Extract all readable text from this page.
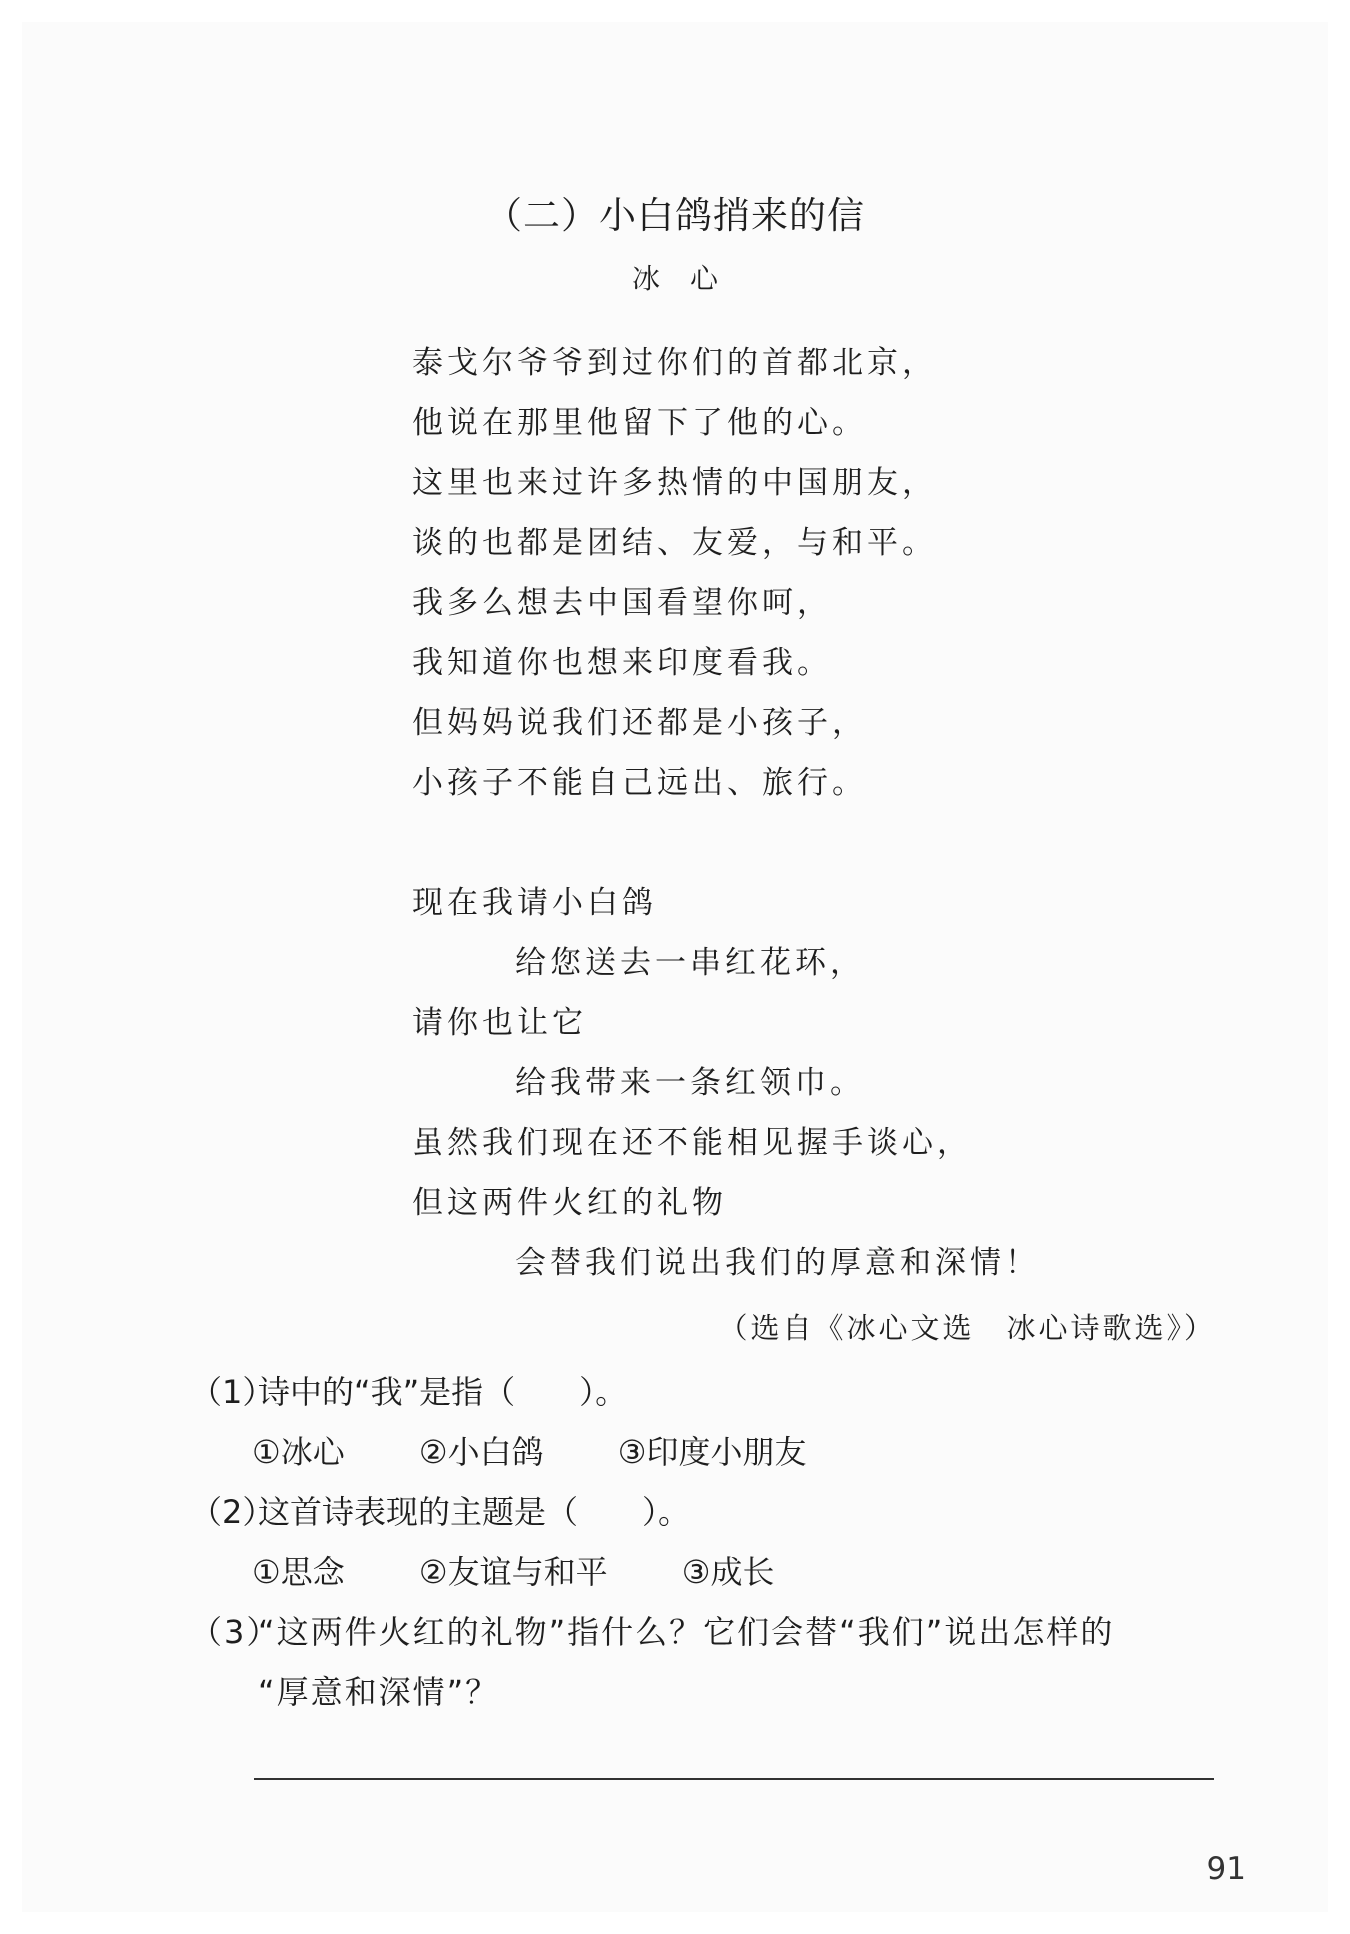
（二）小白鸽捎来的信
冰心
泰戈尔爷爷到过你们的首都北京，
他说在那里他留下了他的心。
这里也来过许多热情的中国朋友，
谈的也都是团结、友爱，与和平。
我多么想去中国看望你呵，
我知道你也想来印度看我。
但妈妈说我们还都是小孩子，
小孩子不能自己远出、旅行。
现在我请小白鸽
给您送去一串红花环，
请你也让它
给我带来一条红领巾。
虽然我们现在还不能相见握手谈心，
但这两件火红的礼物
会替我们说出我们的厚意和深情！
（选自《冰心文选　冰心诗歌选》）
（1）诗中的“我”是指（ ）。
①冰心 ②小白鸽 ③印度小朋友
（2）这首诗表现的主题是（ ）。
①思念 ②友谊与和平 ③成长
（3）“这两件火红的礼物”指什么？它们会替“我们”说出怎样的
“厚意和深情”？
91
